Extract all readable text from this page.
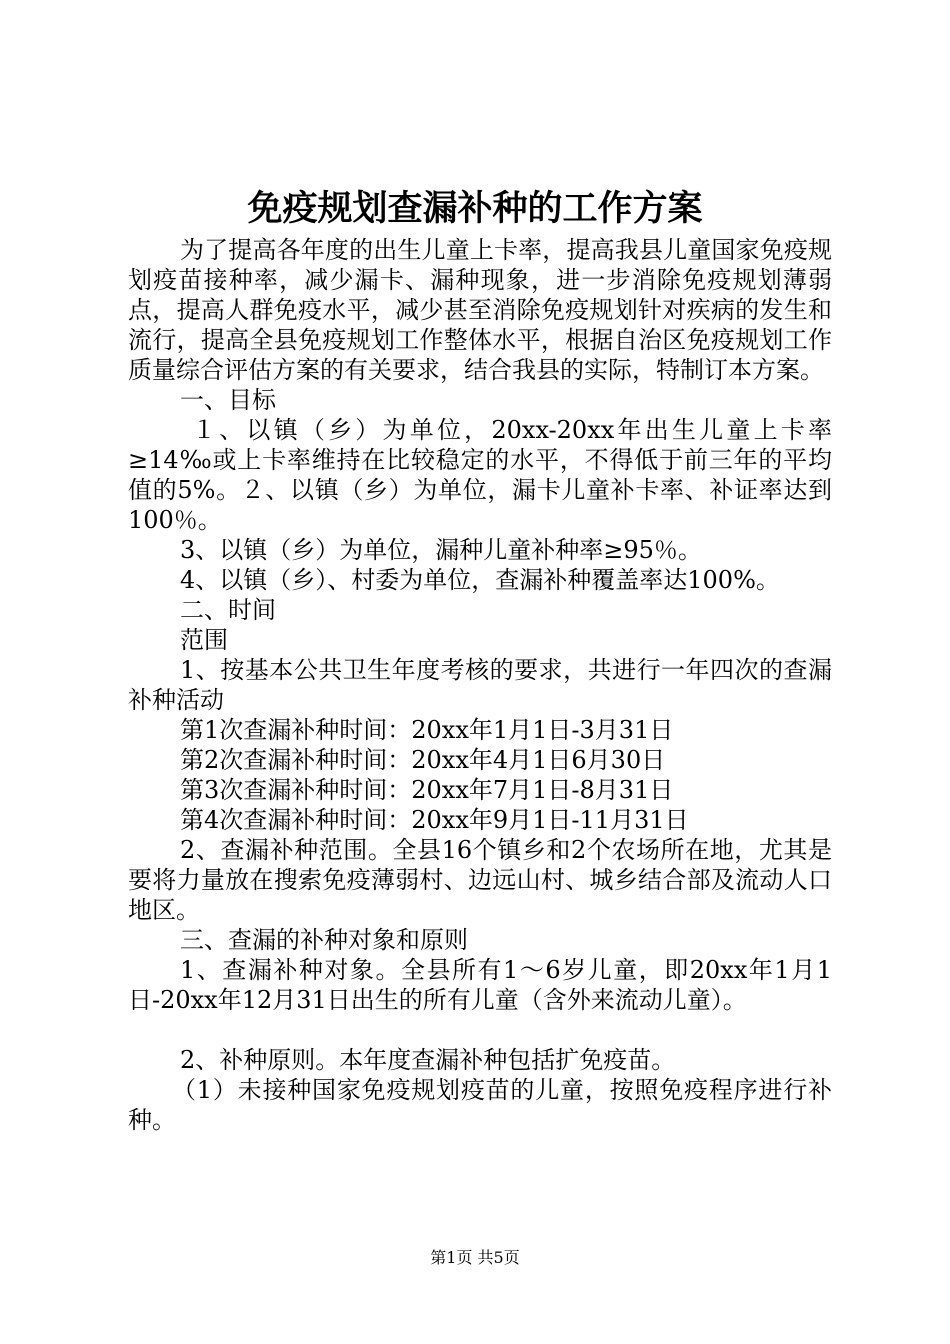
免疫规划查漏补种的工作方案

为了提高各年度的出生儿童上卡率，提高我县儿童国家免疫规划疫苗接种率，减少漏卡、漏种现象，进一步消除免疫规划薄弱点，提高人群免疫水平，减少甚至消除免疫规划针对疾病的发生和流行，提高全县免疫规划工作整体水平，根据自治区免疫规划工作质量综合评估方案的有关要求，结合我县的实际，特制订本方案。

一、目标

１、以镇（乡）为单位，20xx-20xx年出生儿童上卡率≥14‰或上卡率维持在比较稳定的水平，不得低于前三年的平均值的5%。２、以镇（乡）为单位，漏卡儿童补卡率、补证率达到100％。

3、以镇（乡）为单位，漏种儿童补种率≥95％。

4、以镇（乡）、村委为单位，查漏补种覆盖率达100%。

二、时间

范围

1、按基本公共卫生年度考核的要求，共进行一年四次的查漏补种活动

第1次查漏补种时间：20xx年1月1日-3月31日

第2次查漏补种时间：20xx年4月1日6月30日

第3次查漏补种时间：20xx年7月1日-8月31日

第4次查漏补种时间：20xx年9月1日-11月31日

2、查漏补种范围。全县16个镇乡和2个农场所在地，尤其是要将力量放在搜索免疫薄弱村、边远山村、城乡结合部及流动人口地区。

三、查漏的补种对象和原则

1、查漏补种对象。全县所有1～6岁儿童，即20xx年1月1日-20xx年12月31日出生的所有儿童（含外来流动儿童）。

2、补种原则。本年度查漏补种包括扩免疫苗。

（1）未接种国家免疫规划疫苗的儿童，按照免疫程序进行补种。

第1页 共5页
